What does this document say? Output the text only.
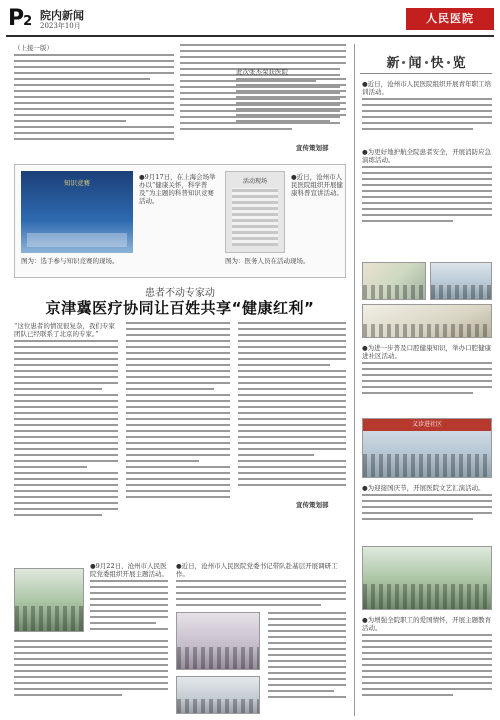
P2 院内新闻
2023年10月
人民医院
（上接一版）
此次张杰荣获医院
宣传策划部
知识竞赛
●9月17日，在上海会场举办以“健康关怀，科学普及”为主题的科普知识竞赛活动。
活动现场
●近日，沧州市人民医院组织开展健康科普宣讲活动。
图为：选手参与知识竞赛的现场。	图为：医务人员在活动现场。
患者不动专家动
京津冀医疗协同让百姓共享“健康红利”
“这位患者的情况很复杂，我们专家团队已经联系了北京的专家。”
宣传策划部
●9月22日，沧州市人民医院党委组织开展主题活动。
●近日，沧州市人民医院党委书记带队赴基层开展调研工作。
新 闻 快 览
●近日，沧州市人民医院组织开展青年职工培训活动。
●为更好地护航全院患者安全，开展消防应急演练活动。
●为进一步普及口腔健康知识，举办口腔健康进社区活动。
义诊进社区
●为迎接国庆节，开展医院文艺汇演活动。
●为增强全院职工的爱国情怀，开展主题教育活动。
